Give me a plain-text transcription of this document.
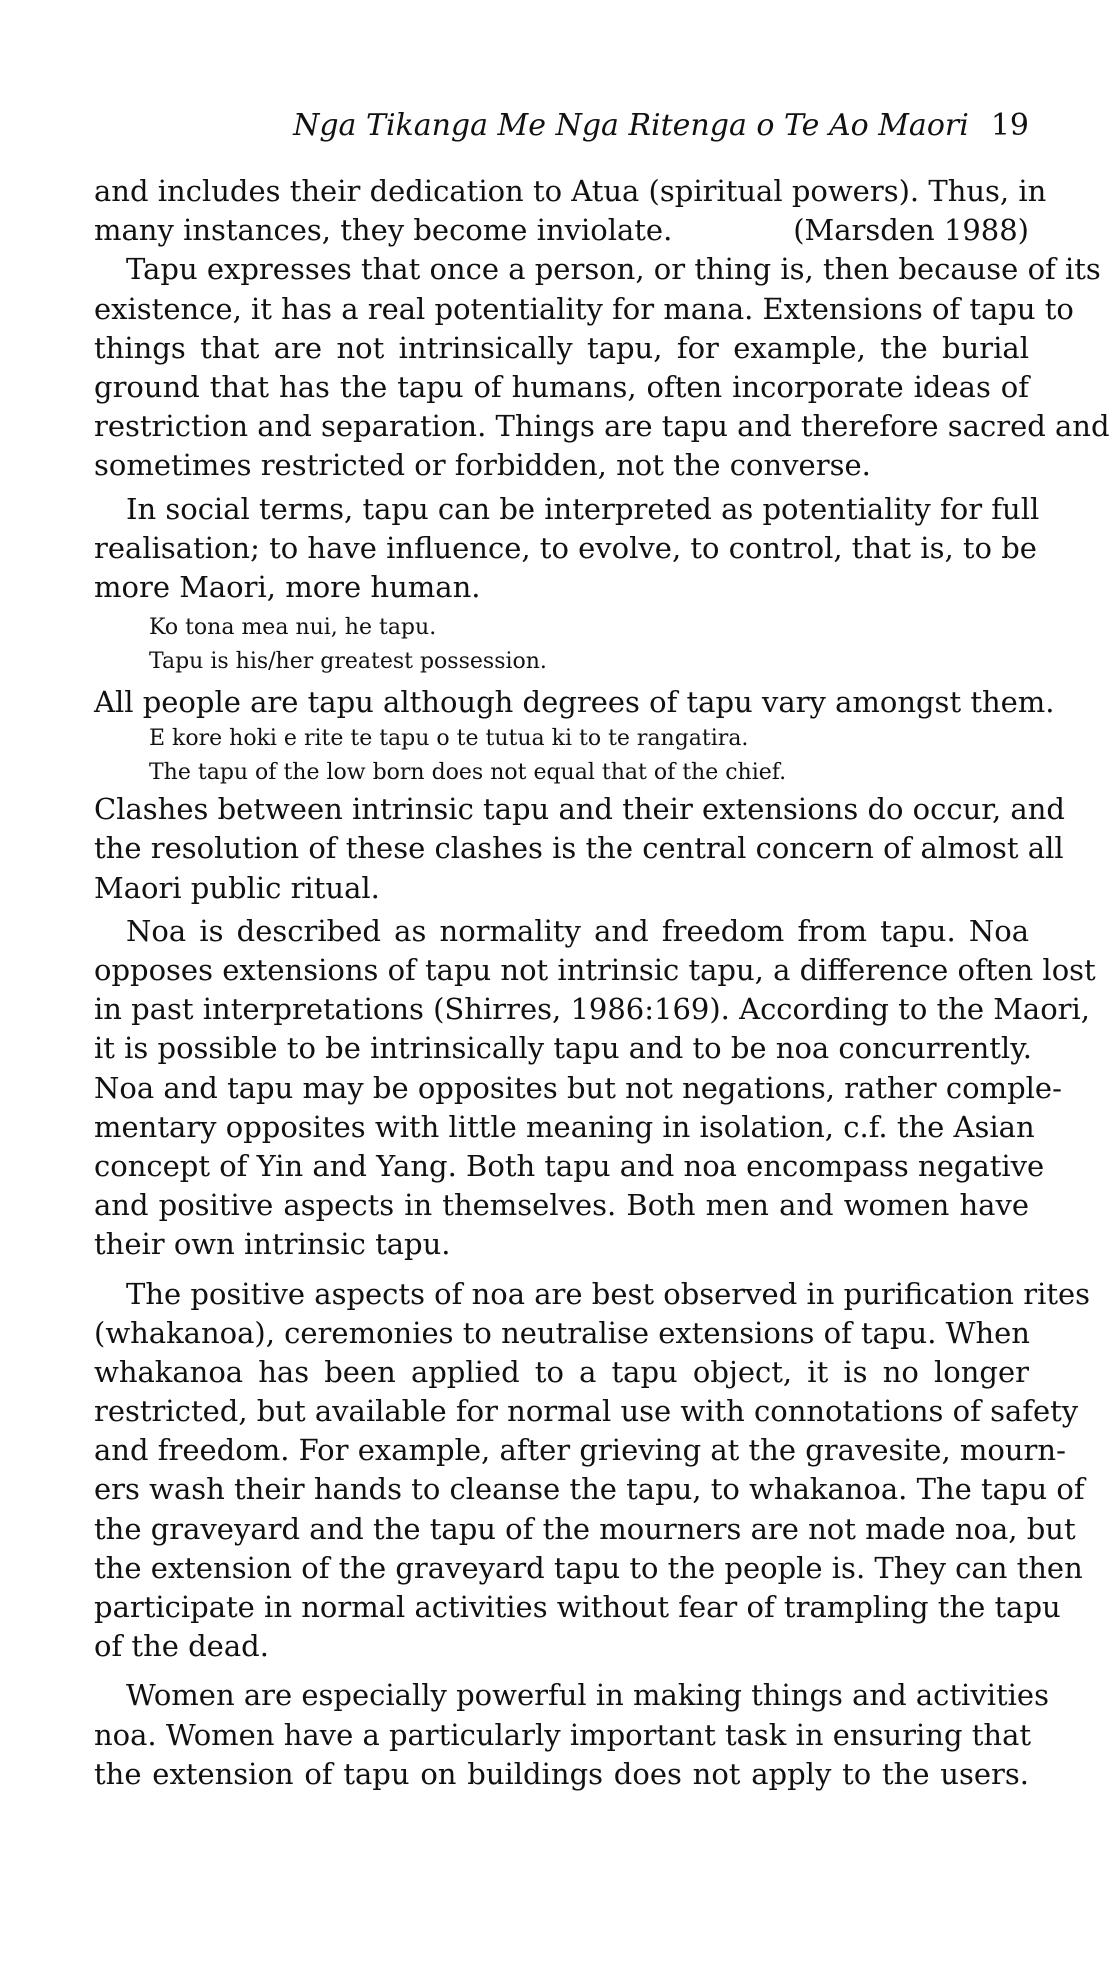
Nga Tikanga Me Nga Ritenga o Te Ao Maori 19
and includes their dedication to Atua (spiritual powers). Thus, in
many instances, they become inviolate.	(Marsden 1988)
Tapu expresses that once a person, or thing is, then because of its
existence, it has a real potentiality for mana. Extensions of tapu to
things that are not intrinsically tapu, for example, the burial
ground that has the tapu of humans, often incorporate ideas of
restriction and separation. Things are tapu and therefore sacred and
sometimes restricted or forbidden, not the converse.
In social terms, tapu can be interpreted as potentiality for full
realisation; to have influence, to evolve, to control, that is, to be
more Maori, more human.
Ko tona mea nui, he tapu.
Tapu is his/her greatest possession.
All people are tapu although degrees of tapu vary amongst them.
E kore hoki e rite te tapu o te tutua ki to te rangatira.
The tapu of the low born does not equal that of the chief.
Clashes between intrinsic tapu and their extensions do occur, and
the resolution of these clashes is the central concern of almost all
Maori public ritual.
Noa is described as normality and freedom from tapu. Noa
opposes extensions of tapu not intrinsic tapu, a difference often lost
in past interpretations (Shirres, 1986:169). According to the Maori,
it is possible to be intrinsically tapu and to be noa concurrently.
Noa and tapu may be opposites but not negations, rather comple-
mentary opposites with little meaning in isolation, c.f. the Asian
concept of Yin and Yang. Both tapu and noa encompass negative
and positive aspects in themselves. Both men and women have
their own intrinsic tapu.
The positive aspects of noa are best observed in purification rites
(whakanoa), ceremonies to neutralise extensions of tapu. When
whakanoa has been applied to a tapu object, it is no longer
restricted, but available for normal use with connotations of safety
and freedom. For example, after grieving at the gravesite, mourn-
ers wash their hands to cleanse the tapu, to whakanoa. The tapu of
the graveyard and the tapu of the mourners are not made noa, but
the extension of the graveyard tapu to the people is. They can then
participate in normal activities without fear of trampling the tapu
of the dead.
Women are especially powerful in making things and activities
noa. Women have a particularly important task in ensuring that
the extension of tapu on buildings does not apply to the users.
